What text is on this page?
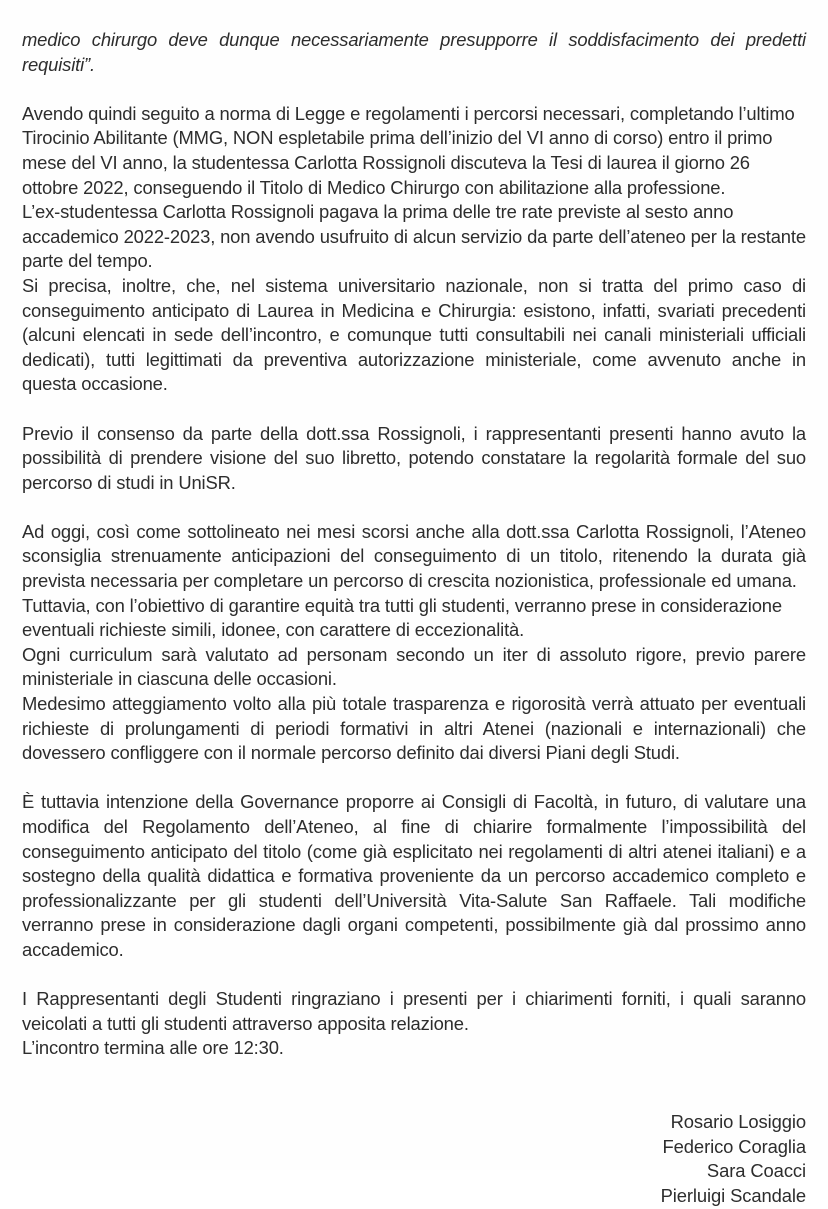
medico chirurgo deve dunque necessariamente presupporre il soddisfacimento dei predetti requisiti”.

Avendo quindi seguito a norma di Legge e regolamenti i percorsi necessari, completando l’ultimo Tirocinio Abilitante (MMG, NON espletabile prima dell’inizio del VI anno di corso) entro il primo mese del VI anno, la studentessa Carlotta Rossignoli discuteva la Tesi di laurea il giorno 26 ottobre 2022, conseguendo il Titolo di Medico Chirurgo con abilitazione alla professione.

L’ex-studentessa Carlotta Rossignoli pagava la prima delle tre rate previste al sesto anno accademico 2022-2023, non avendo usufruito di alcun servizio da parte dell’ateneo per la restante parte del tempo.

Si precisa, inoltre, che, nel sistema universitario nazionale, non si tratta del primo caso di conseguimento anticipato di Laurea in Medicina e Chirurgia: esistono, infatti, svariati precedenti (alcuni elencati in sede dell’incontro, e comunque tutti consultabili nei canali ministeriali ufficiali dedicati), tutti legittimati da preventiva autorizzazione ministeriale, come avvenuto anche in questa occasione.

Previo il consenso da parte della dott.ssa Rossignoli, i rappresentanti presenti hanno avuto la possibilità di prendere visione del suo libretto, potendo constatare la regolarità formale del suo percorso di studi in UniSR.

Ad oggi, così come sottolineato nei mesi scorsi anche alla dott.ssa Carlotta Rossignoli, l’Ateneo sconsiglia strenuamente anticipazioni del conseguimento di un titolo, ritenendo la durata già prevista necessaria per completare un percorso di crescita nozionistica, professionale ed umana.

Tuttavia, con l’obiettivo di garantire equità tra tutti gli studenti, verranno prese in considerazione eventuali richieste simili, idonee, con carattere di eccezionalità.

Ogni curriculum sarà valutato ad personam secondo un iter di assoluto rigore, previo parere ministeriale in ciascuna delle occasioni.

Medesimo atteggiamento volto alla più totale trasparenza e rigorosità verrà attuato per eventuali richieste di prolungamenti di periodi formativi in altri Atenei (nazionali e internazionali) che dovessero confliggere con il normale percorso definito dai diversi Piani degli Studi.

È tuttavia intenzione della Governance proporre ai Consigli di Facoltà, in futuro, di valutare una modifica del Regolamento dell’Ateneo, al fine di chiarire formalmente l’impossibilità del conseguimento anticipato del titolo (come già esplicitato nei regolamenti di altri atenei italiani) e a sostegno della qualità didattica e formativa proveniente da un percorso accademico completo e professionalizzante per gli studenti dell’Università Vita-Salute San Raffaele. Tali modifiche verranno prese in considerazione dagli organi competenti, possibilmente già dal prossimo anno accademico.

I Rappresentanti degli Studenti ringraziano i presenti per i chiarimenti forniti, i quali saranno veicolati a tutti gli studenti attraverso apposita relazione.

L’incontro termina alle ore 12:30.

Rosario Losiggio
Federico Coraglia
Sara Coacci
Pierluigi Scandale
